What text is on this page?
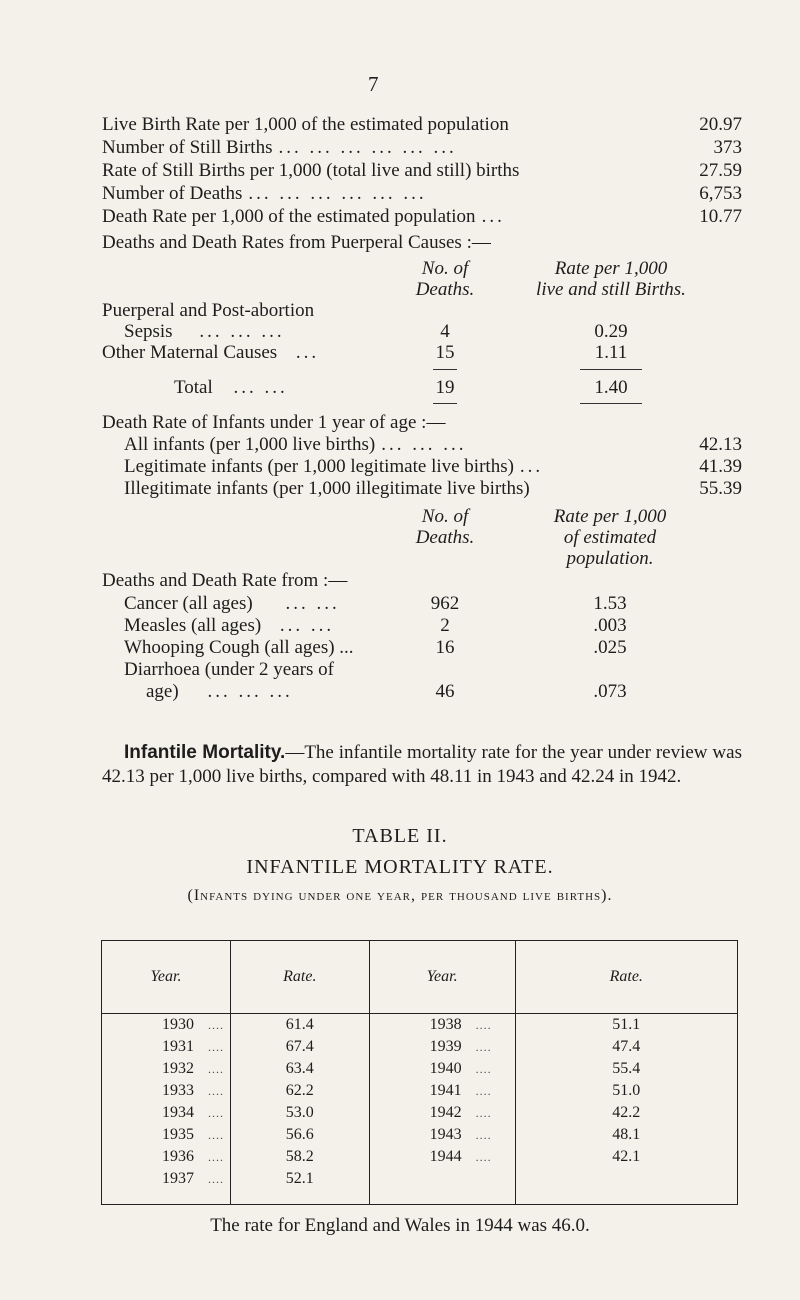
7
Live Birth Rate per 1,000 of the estimated population	20.97
Number of Still Births ... ... ... ... ... ...	373
Rate of Still Births per 1,000 (total live and still) births	27.59
Number of Deaths ... ... ... ... ... ...	6,753
Death Rate per 1,000 of the estimated population ...	10.77
Deaths and Death Rates from Puerperal Causes :—
No. of
Deaths.
Rate per 1,000
live and still Births.
Puerperal and Post-abortion
Sepsis ... ... ...	4	0.29
Other Maternal Causes ...	15	1.11
Total ... ...	19	1.40
Death Rate of Infants under 1 year of age :—
All infants (per 1,000 live births) ... ... ...	42.13
Legitimate infants (per 1,000 legitimate live births) ...	41.39
Illegitimate infants (per 1,000 illegitimate live births)	55.39
No. of
Deaths.
Rate per 1,000
of estimated
population.
Deaths and Death Rate from :—
Cancer (all ages) ... ...	962	1.53
Measles (all ages) ... ...	2	.003
Whooping Cough (all ages) ...	16	.025
Diarrhoea (under 2 years of
age) ... ... ...	46	.073
Infantile Mortality.—The infantile mortality rate for the year under review was 42.13 per 1,000 live births, compared with 48.11 in 1943 and 42.24 in 1942.
TABLE II.
INFANTILE MORTALITY RATE.
(Infants dying under one year, per thousand live births).
Year.	Rate.	Year.	Rate.
1930 ....	61.4	1938 ....	51.1
1931 ....	67.4	1939 ....	47.4
1932 ....	63.4	1940 ....	55.4
1933 ....	62.2	1941 ....	51.0
1934 ....	53.0	1942 ....	42.2
1935 ....	56.6	1943 ....	48.1
1936 ....	58.2	1944 ....	42.1
1937 ....	52.1		
The rate for England and Wales in 1944 was 46.0.
